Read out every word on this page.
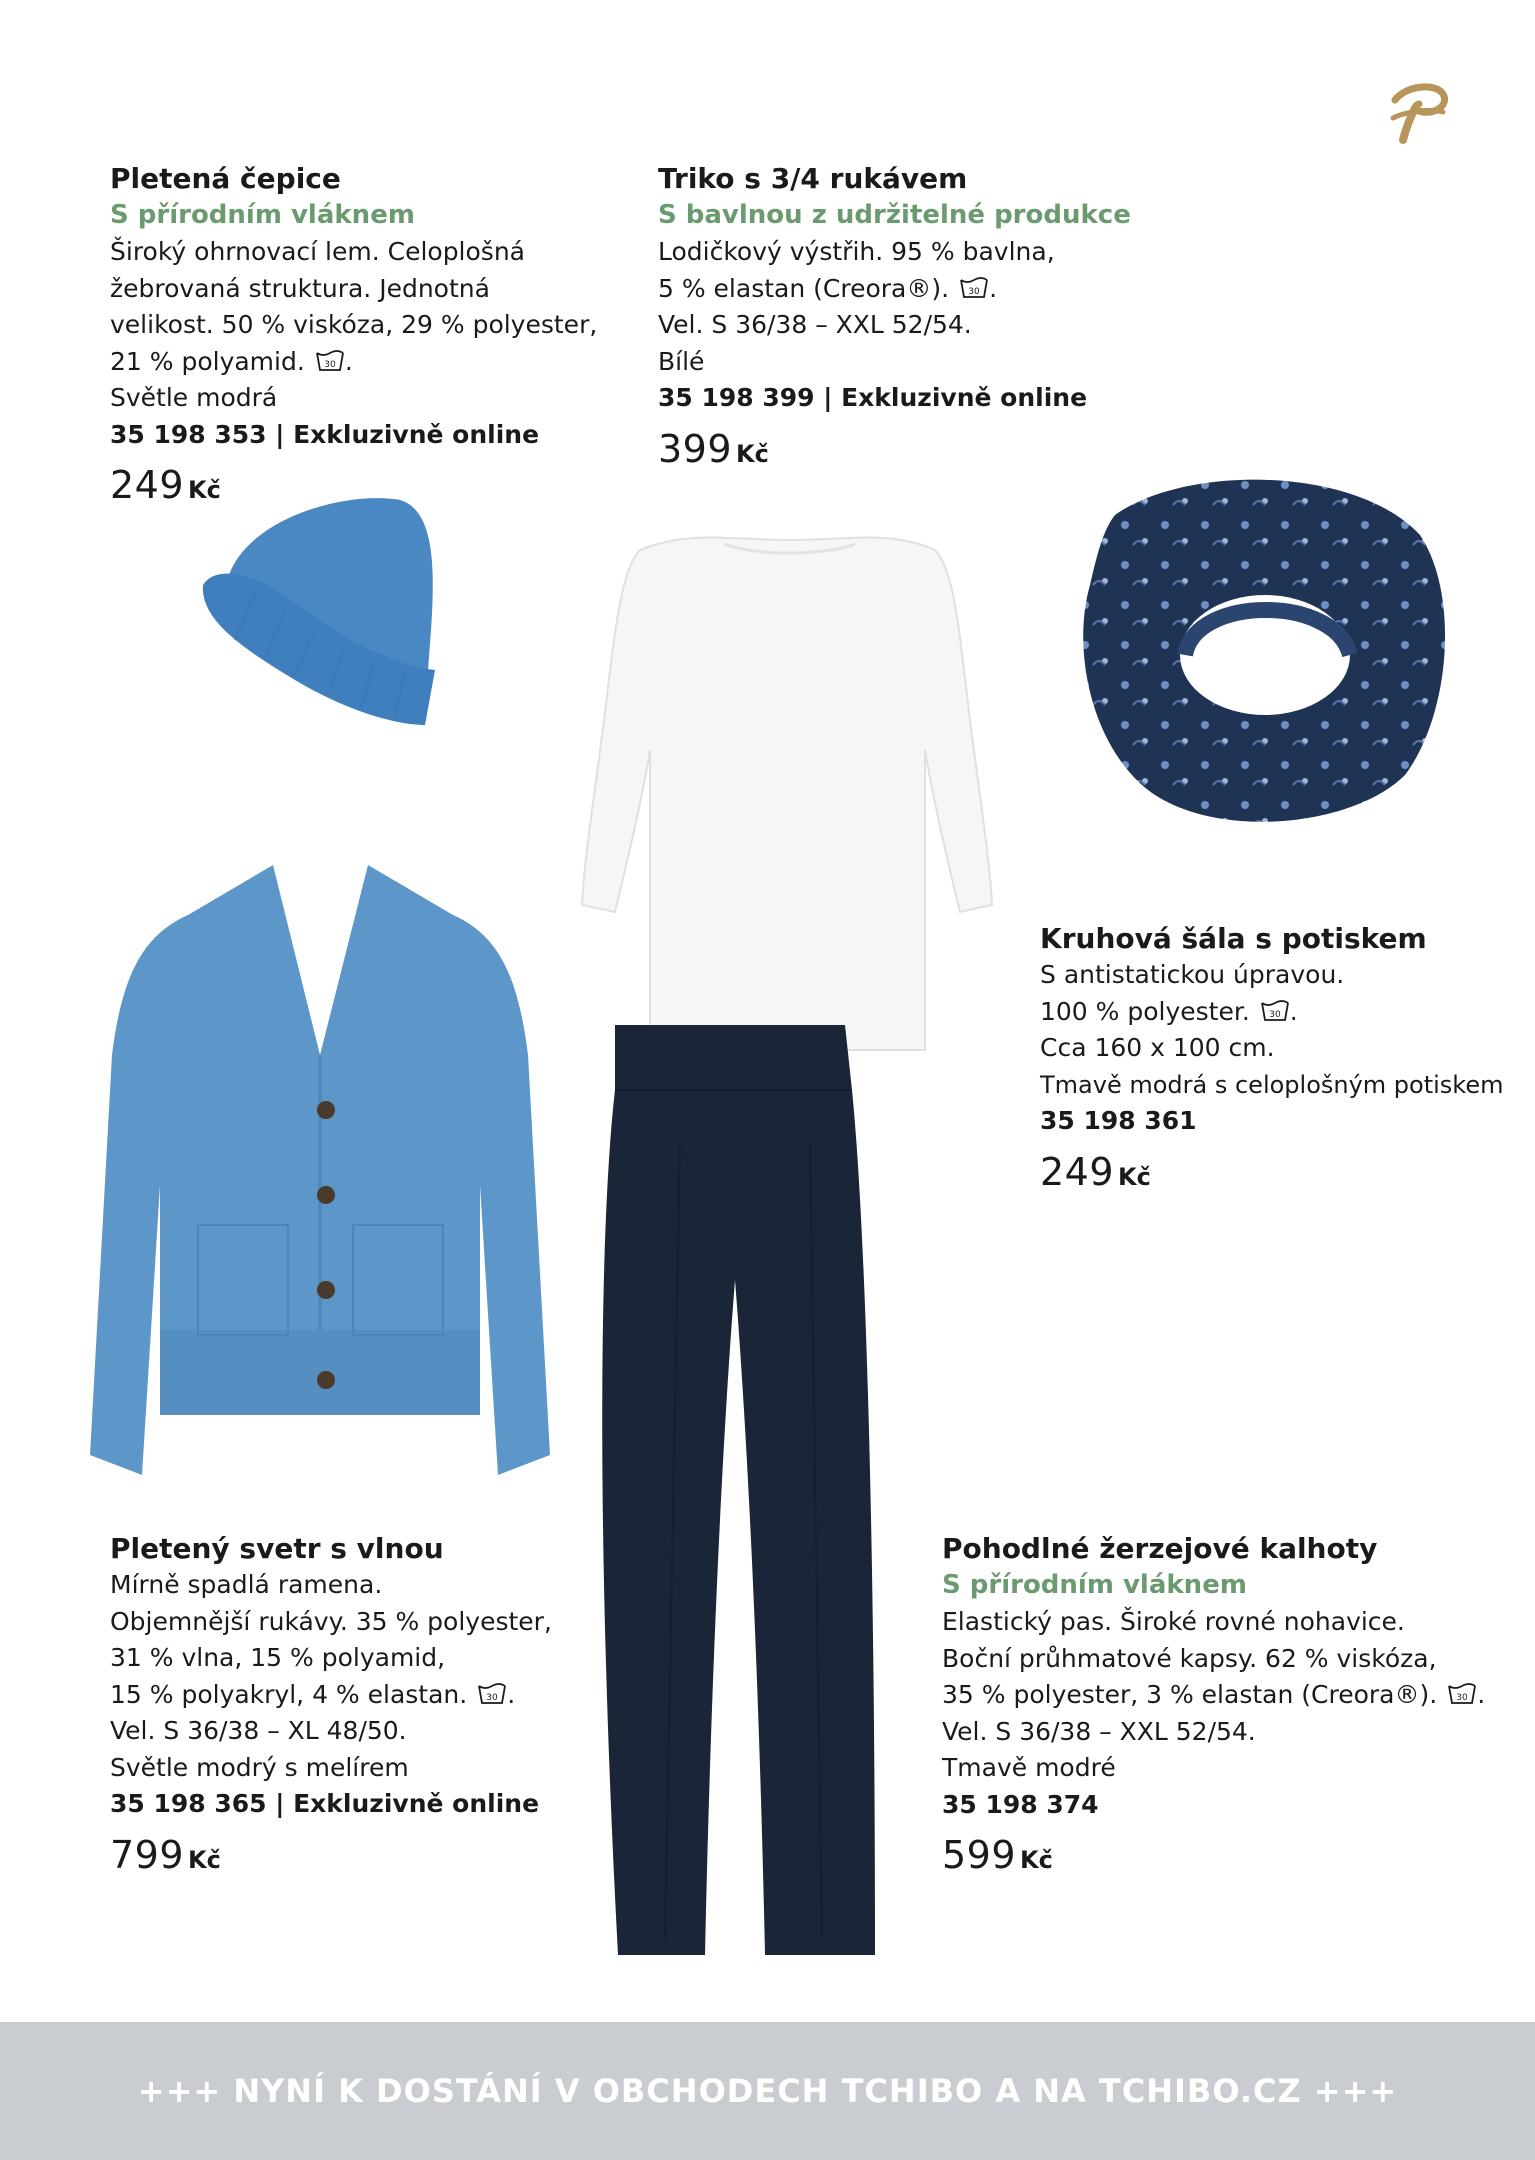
Pletená čepice
S přírodním vláknem
Široký ohrnovací lem. Celoplošná
žebrovaná struktura. Jednotná
velikost. 50 % viskóza, 29 % polyester,
21 % polyamid. 30 .
Světle modrá
35 198 353 | Exkluzivně online
249 Kč
Triko s 3/4 rukávem
S bavlnou z udržitelné produkce
Lodičkový výstřih. 95 % bavlna,
5 % elastan (Creora®). 30 .
Vel. S 36/38 – XXL 52/54.
Bílé
35 198 399 | Exkluzivně online
399 Kč
Kruhová šála s potiskem
S antistatickou úpravou.
100 % polyester. 30 .
Cca 160 x 100 cm.
Tmavě modrá s celoplošným potiskem
35 198 361
249 Kč
Pletený svetr s vlnou
Mírně spadlá ramena.
Objemnější rukávy. 35 % polyester,
31 % vlna, 15 % polyamid,
15 % polyakryl, 4 % elastan. 30 .
Vel. S 36/38 – XL 48/50.
Světle modrý s melírem
35 198 365 | Exkluzivně online
799 Kč
Pohodlné žerzejové kalhoty
S přírodním vláknem
Elastický pas. Široké rovné nohavice.
Boční průhmatové kapsy. 62 % viskóza,
35 % polyester, 3 % elastan (Creora®). 30 .
Vel. S 36/38 – XXL 52/54.
Tmavě modré
35 198 374
599 Kč
+++ NYNÍ K DOSTÁNÍ V OBCHODECH TCHIBO A NA TCHIBO.CZ +++
